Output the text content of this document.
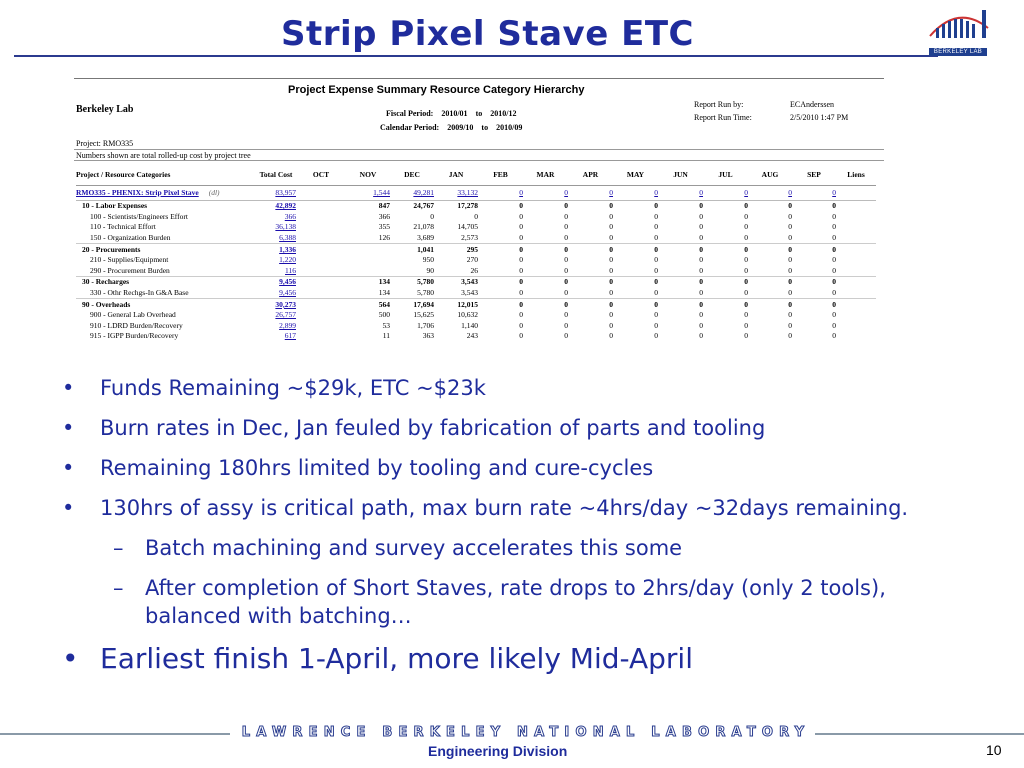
Strip Pixel Stave ETC	BERKELEY LAB
Project Expense Summary Resource Category Hierarchy
Berkeley Lab	Fiscal Period: 2010/01 to 2010/12
Calendar Period: 2009/10 to 2010/09
Report Run by:	ECAnderssen
Report Run Time:	2/5/2010 1:47 PM
Project: RMO335
Numbers shown are total rolled-up cost by project tree
Project / Resource Categories	Total Cost	OCT	NOV	DEC	JAN	FEB	MAR	APR	MAY	JUN	JUL	AUG	SEP	Liens
RMO335 - PHENIX: Strip Pixel Stave (dl)	83,957		1,544	49,281	33,132	0	0	0	0	0	0	0	0	
10 - Labor Expenses	42,892		847	24,767	17,278	0	0	0	0	0	0	0	0	
100 - Scientists/Engineers Effort	366		366	0	0	0	0	0	0	0	0	0	0	
110 - Technical Effort	36,138		355	21,078	14,705	0	0	0	0	0	0	0	0	
150 - Organization Burden	6,388		126	3,689	2,573	0	0	0	0	0	0	0	0	
20 - Procurements	1,336			1,041	295	0	0	0	0	0	0	0	0	
210 - Supplies/Equipment	1,220			950	270	0	0	0	0	0	0	0	0	
290 - Procurement Burden	116			90	26	0	0	0	0	0	0	0	0	
30 - Recharges	9,456		134	5,780	3,543	0	0	0	0	0	0	0	0	
330 - Othr Rechgs-In G&A Base	9,456		134	5,780	3,543	0	0	0	0	0	0	0	0	
90 - Overheads	30,273		564	17,694	12,015	0	0	0	0	0	0	0	0	
900 - General Lab Overhead	26,757		500	15,625	10,632	0	0	0	0	0	0	0	0	
910 - LDRD Burden/Recovery	2,899		53	1,706	1,140	0	0	0	0	0	0	0	0	
915 - IGPP Burden/Recovery	617		11	363	243	0	0	0	0	0	0	0	0	
• Funds Remaining ~$29k, ETC ~$23k
• Burn rates in Dec, Jan feuled by fabrication of parts and tooling
• Remaining 180hrs limited by tooling and cure-cycles
• 130hrs of assy is critical path, max burn rate ~4hrs/day ~32days remaining.
– Batch machining and survey accelerates this some
– After completion of Short Staves, rate drops to 2hrs/day (only 2 tools), balanced with batching…
• Earliest finish 1-April, more likely Mid-April
LAWRENCE BERKELEY NATIONAL LABORATORY
Engineering Division	10
